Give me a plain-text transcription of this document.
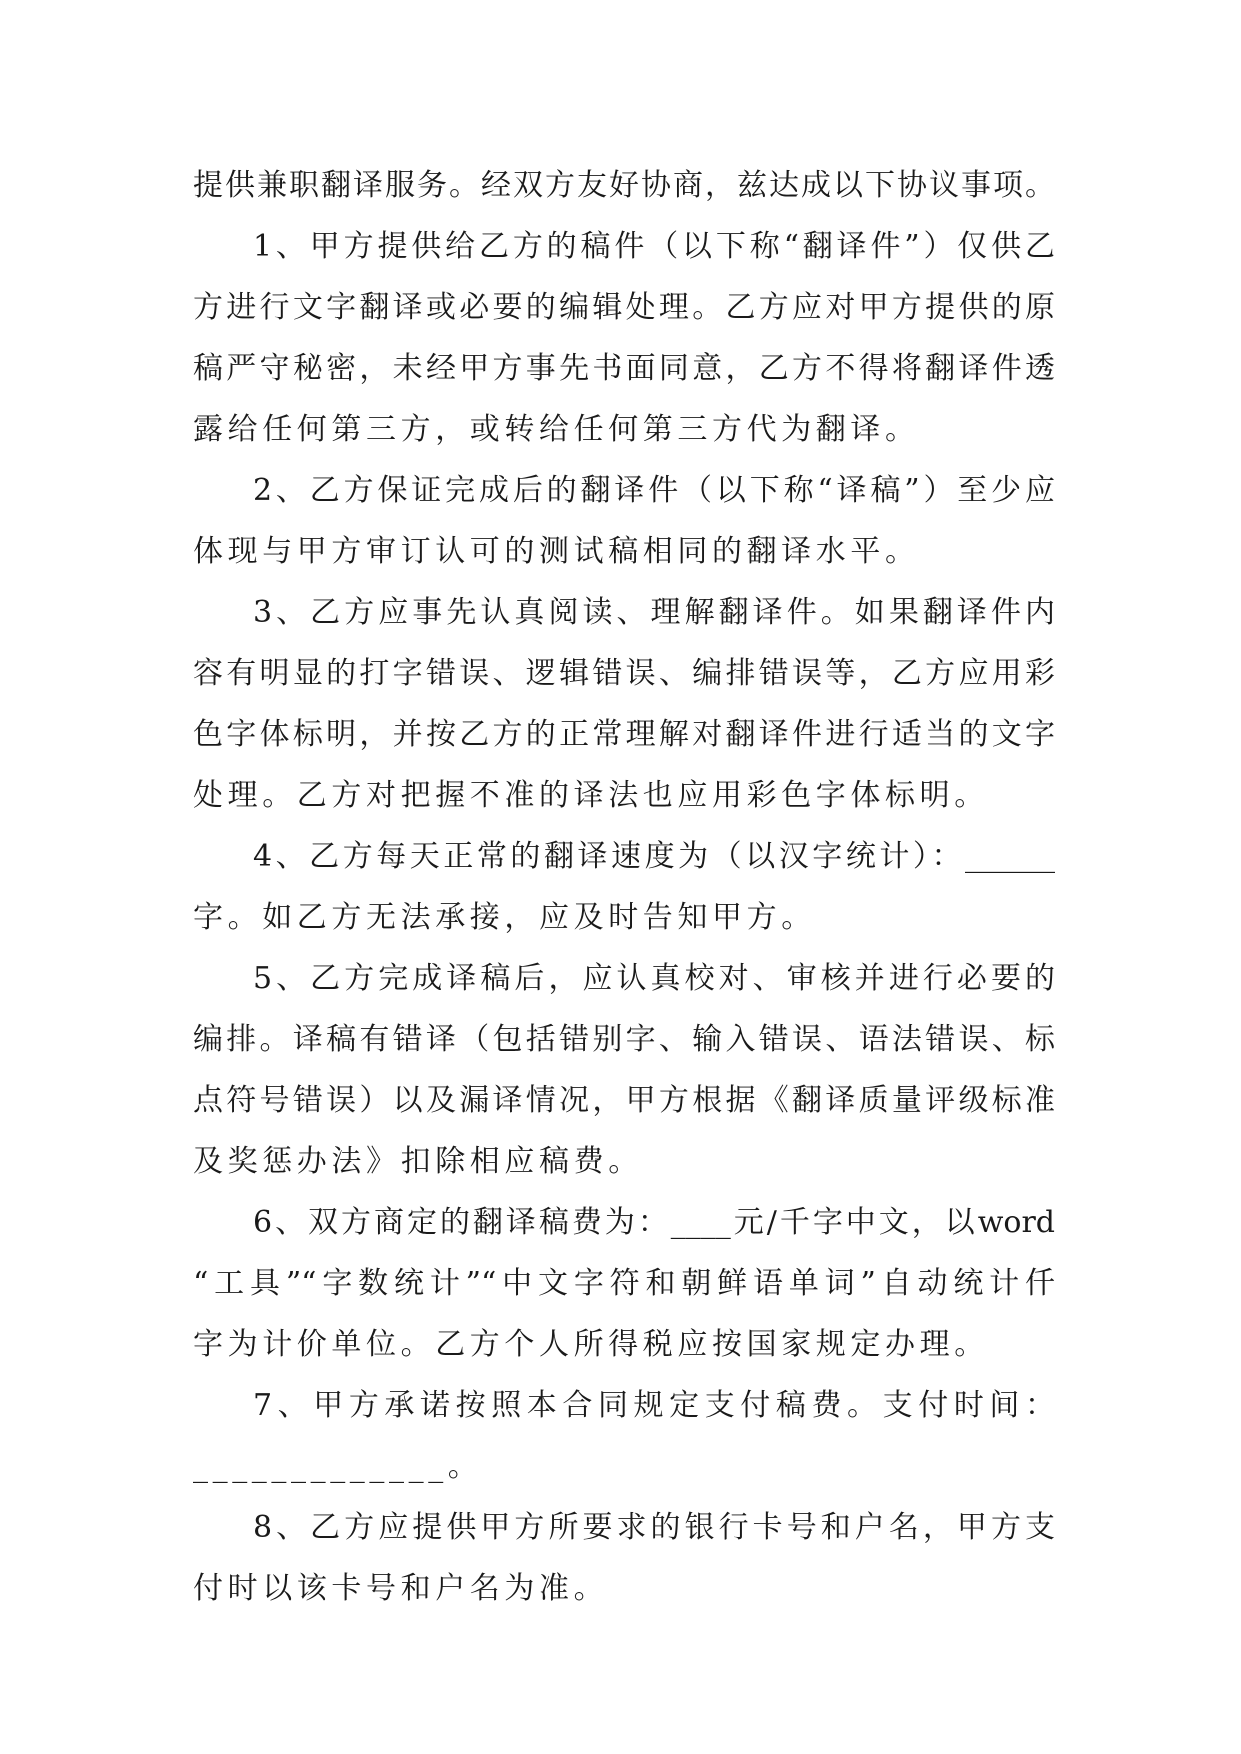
提供兼职翻译服务。经双方友好协商，兹达成以下协议事项。
1、甲方提供给乙方的稿件（以下称“翻译件”）仅供乙
方进行文字翻译或必要的编辑处理。乙方应对甲方提供的原
稿严守秘密，未经甲方事先书面同意，乙方不得将翻译件透
露给任何第三方，或转给任何第三方代为翻译。
2、乙方保证完成后的翻译件（以下称“译稿”）至少应
体现与甲方审订认可的测试稿相同的翻译水平。
3、乙方应事先认真阅读、理解翻译件。如果翻译件内
容有明显的打字错误、逻辑错误、编排错误等，乙方应用彩
色字体标明，并按乙方的正常理解对翻译件进行适当的文字
处理。乙方对把握不准的译法也应用彩色字体标明。
4、乙方每天正常的翻译速度为（以汉字统计）：______
字。如乙方无法承接，应及时告知甲方。
5、乙方完成译稿后，应认真校对、审核并进行必要的
编排。译稿有错译（包括错别字、输入错误、语法错误、标
点符号错误）以及漏译情况，甲方根据《翻译质量评级标准
及奖惩办法》扣除相应稿费。
6、双方商定的翻译稿费为：____元/千字中文，以word
“工具”“字数统计”“中文字符和朝鲜语单词”自动统计仟
字为计价单位。乙方个人所得税应按国家规定办理。
7、甲方承诺按照本合同规定支付稿费。支付时间：
_____________。
8、乙方应提供甲方所要求的银行卡号和户名，甲方支
付时以该卡号和户名为准。
